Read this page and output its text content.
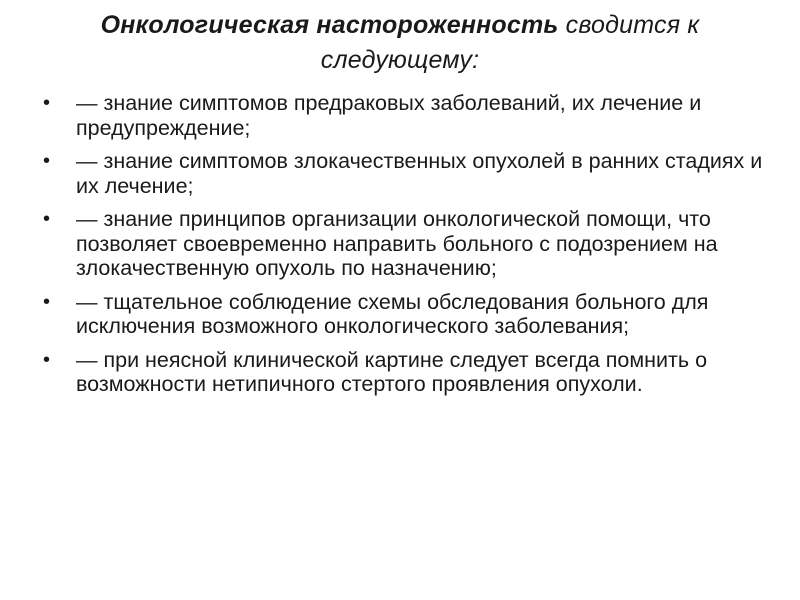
Онкологическая настороженность сводится к следующему:
• — знание симптомов предраковых заболеваний, их лечение и предупреждение;
• — знание симптомов злокачественных опухолей в ранних стадиях и их лечение;
• — знание принципов организации онкологической помощи, что позволяет своевременно направить больного с подозрением на злокачественную опухоль по назначению;
• — тщательное соблюдение схемы обследования больного для исключения возможного онкологического заболевания;
• — при неясной клинической картине следует всегда помнить о возможности нетипичного стертого проявления опухоли.
